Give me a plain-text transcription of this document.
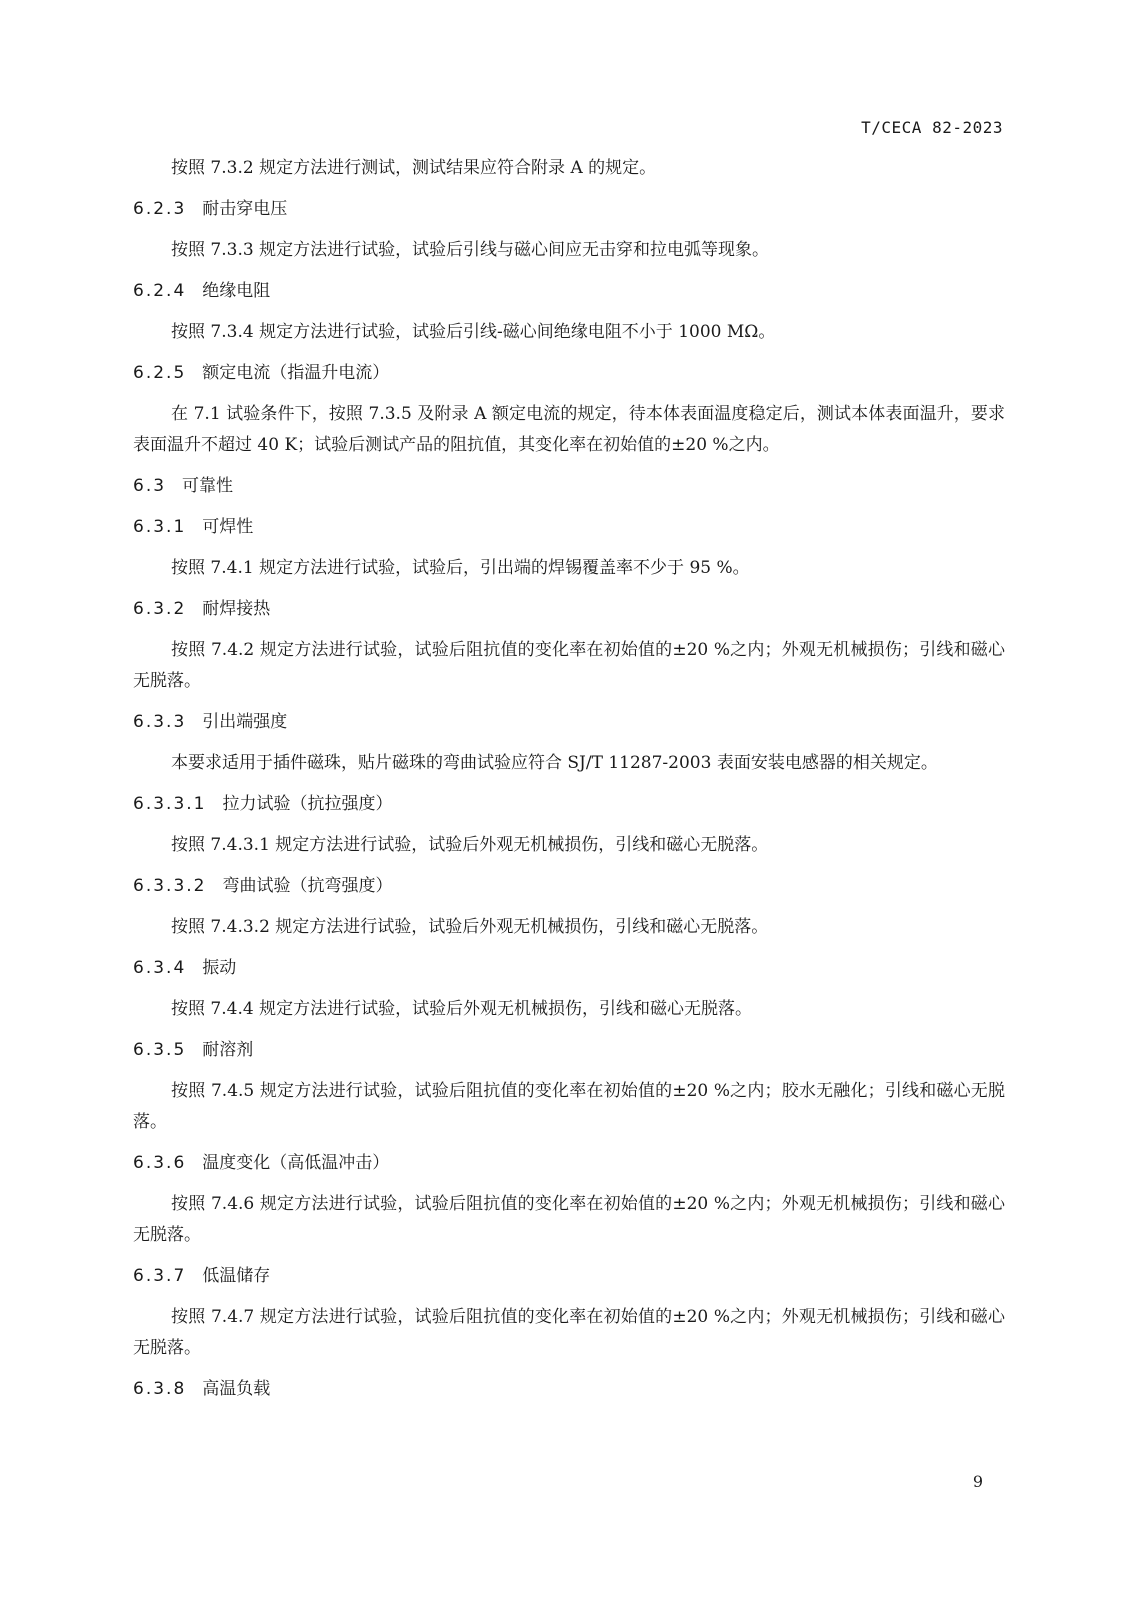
T/CECA 82-2023

按照 7.3.2 规定方法进行测试，测试结果应符合附录 A 的规定。

6.2.3 耐击穿电压

按照 7.3.3 规定方法进行试验，试验后引线与磁心间应无击穿和拉电弧等现象。

6.2.4 绝缘电阻

按照 7.3.4 规定方法进行试验，试验后引线-磁心间绝缘电阻不小于 1000 MΩ。

6.2.5 额定电流（指温升电流）

在 7.1 试验条件下，按照 7.3.5 及附录 A 额定电流的规定，待本体表面温度稳定后，测试本体表面温升，要求表面温升不超过 40 K；试验后测试产品的阻抗值，其变化率在初始值的±20 %之内。

6.3 可靠性
6.3.1 可焊性

按照 7.4.1 规定方法进行试验，试验后，引出端的焊锡覆盖率不少于 95 %。

6.3.2 耐焊接热

按照 7.4.2 规定方法进行试验，试验后阻抗值的变化率在初始值的±20 %之内；外观无机械损伤；引线和磁心无脱落。

6.3.3 引出端强度

本要求适用于插件磁珠，贴片磁珠的弯曲试验应符合 SJ/T 11287-2003 表面安装电感器的相关规定。

6.3.3.1 拉力试验（抗拉强度）

按照 7.4.3.1 规定方法进行试验，试验后外观无机械损伤，引线和磁心无脱落。

6.3.3.2 弯曲试验（抗弯强度）

按照 7.4.3.2 规定方法进行试验，试验后外观无机械损伤，引线和磁心无脱落。

6.3.4 振动

按照 7.4.4 规定方法进行试验，试验后外观无机械损伤，引线和磁心无脱落。

6.3.5 耐溶剂

按照 7.4.5 规定方法进行试验，试验后阻抗值的变化率在初始值的±20 %之内；胶水无融化；引线和磁心无脱落。

6.3.6 温度变化（高低温冲击）

按照 7.4.6 规定方法进行试验，试验后阻抗值的变化率在初始值的±20 %之内；外观无机械损伤；引线和磁心无脱落。

6.3.7 低温储存

按照 7.4.7 规定方法进行试验，试验后阻抗值的变化率在初始值的±20 %之内；外观无机械损伤；引线和磁心无脱落。

6.3.8 高温负载
9
